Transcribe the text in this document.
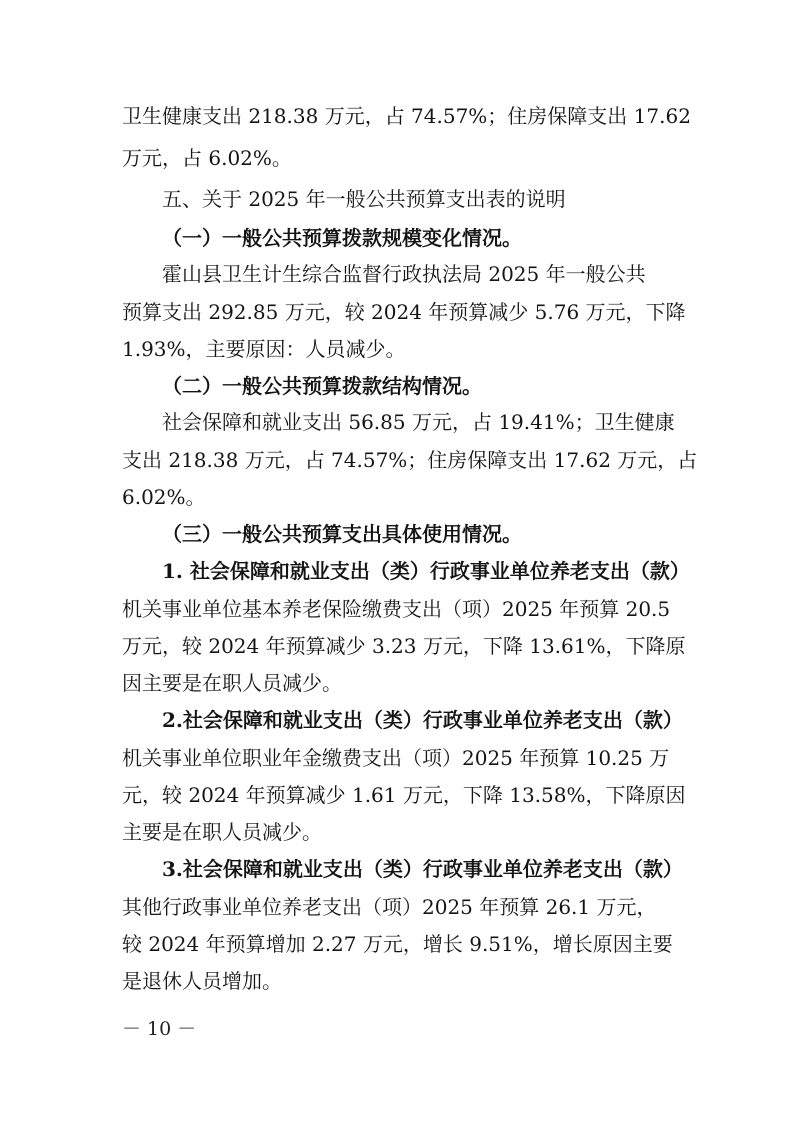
卫生健康支出 218.38 万元，占 74.57%；住房保障支出 17.62

万元，占 6.02%。

五、关于 2025 年一般公共预算支出表的说明

（一）一般公共预算拨款规模变化情况。

霍山县卫生计生综合监督行政执法局 2025 年一般公共

预算支出 292.85 万元，较 2024 年预算减少 5.76 万元，下降

1.93%，主要原因：人员减少。

（二）一般公共预算拨款结构情况。

社会保障和就业支出 56.85 万元，占 19.41%；卫生健康

支出 218.38 万元，占 74.57%；住房保障支出 17.62 万元，占

6.02%。

（三）一般公共预算支出具体使用情况。

1. 社会保障和就业支出（类）行政事业单位养老支出（款）

机关事业单位基本养老保险缴费支出（项）2025 年预算 20.5

万元，较 2024 年预算减少 3.23 万元，下降 13.61%，下降原

因主要是在职人员减少。

2.社会保障和就业支出（类）行政事业单位养老支出（款）

机关事业单位职业年金缴费支出（项）2025 年预算 10.25 万

元，较 2024 年预算减少 1.61 万元，下降 13.58%，下降原因

主要是在职人员减少。

3.社会保障和就业支出（类）行政事业单位养老支出（款）

其他行政事业单位养老支出（项）2025 年预算 26.1 万元，

较 2024 年预算增加 2.27 万元，增长 9.51%，增长原因主要

是退休人员增加。

－ 10 －
